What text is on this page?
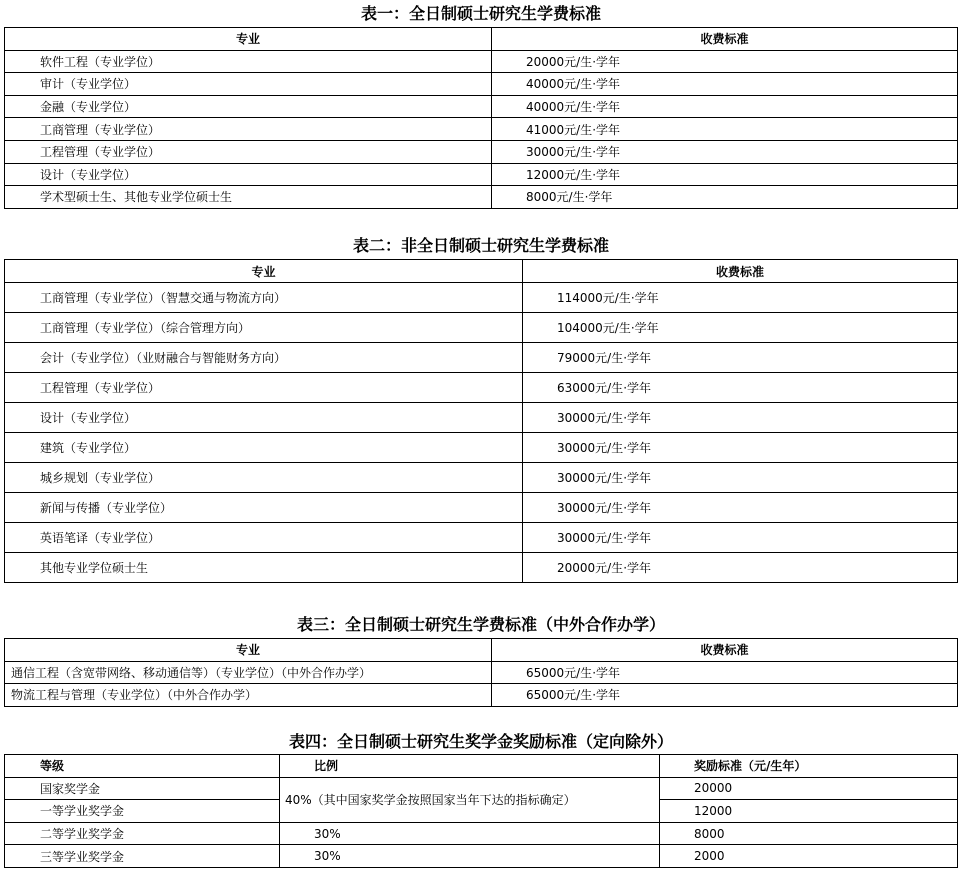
表一：全日制硕士研究生学费标准
专业	收费标准
软件工程（专业学位）	20000元/生·学年
审计（专业学位）	40000元/生·学年
金融（专业学位）	40000元/生·学年
工商管理（专业学位）	41000元/生·学年
工程管理（专业学位）	30000元/生·学年
设计（专业学位）	12000元/生·学年
学术型硕士生、其他专业学位硕士生	8000元/生·学年
表二：非全日制硕士研究生学费标准
专业	收费标准
工商管理（专业学位）（智慧交通与物流方向）	114000元/生·学年
工商管理（专业学位）（综合管理方向）	104000元/生·学年
会计（专业学位）（业财融合与智能财务方向）	79000元/生·学年
工程管理（专业学位）	63000元/生·学年
设计（专业学位）	30000元/生·学年
建筑（专业学位）	30000元/生·学年
城乡规划（专业学位）	30000元/生·学年
新闻与传播（专业学位）	30000元/生·学年
英语笔译（专业学位）	30000元/生·学年
其他专业学位硕士生	20000元/生·学年
表三：全日制硕士研究生学费标准（中外合作办学）
专业	收费标准
通信工程（含宽带网络、移动通信等）（专业学位）（中外合作办学）	65000元/生·学年
物流工程与管理（专业学位）（中外合作办学）	65000元/生·学年
表四：全日制硕士研究生奖学金奖励标准（定向除外）
等级	比例	奖励标准（元/生年）
国家奖学金	40%（其中国家奖学金按照国家当年下达的指标确定）	20000
一等学业奖学金		12000
二等学业奖学金	30%	8000
三等学业奖学金	30%	2000
